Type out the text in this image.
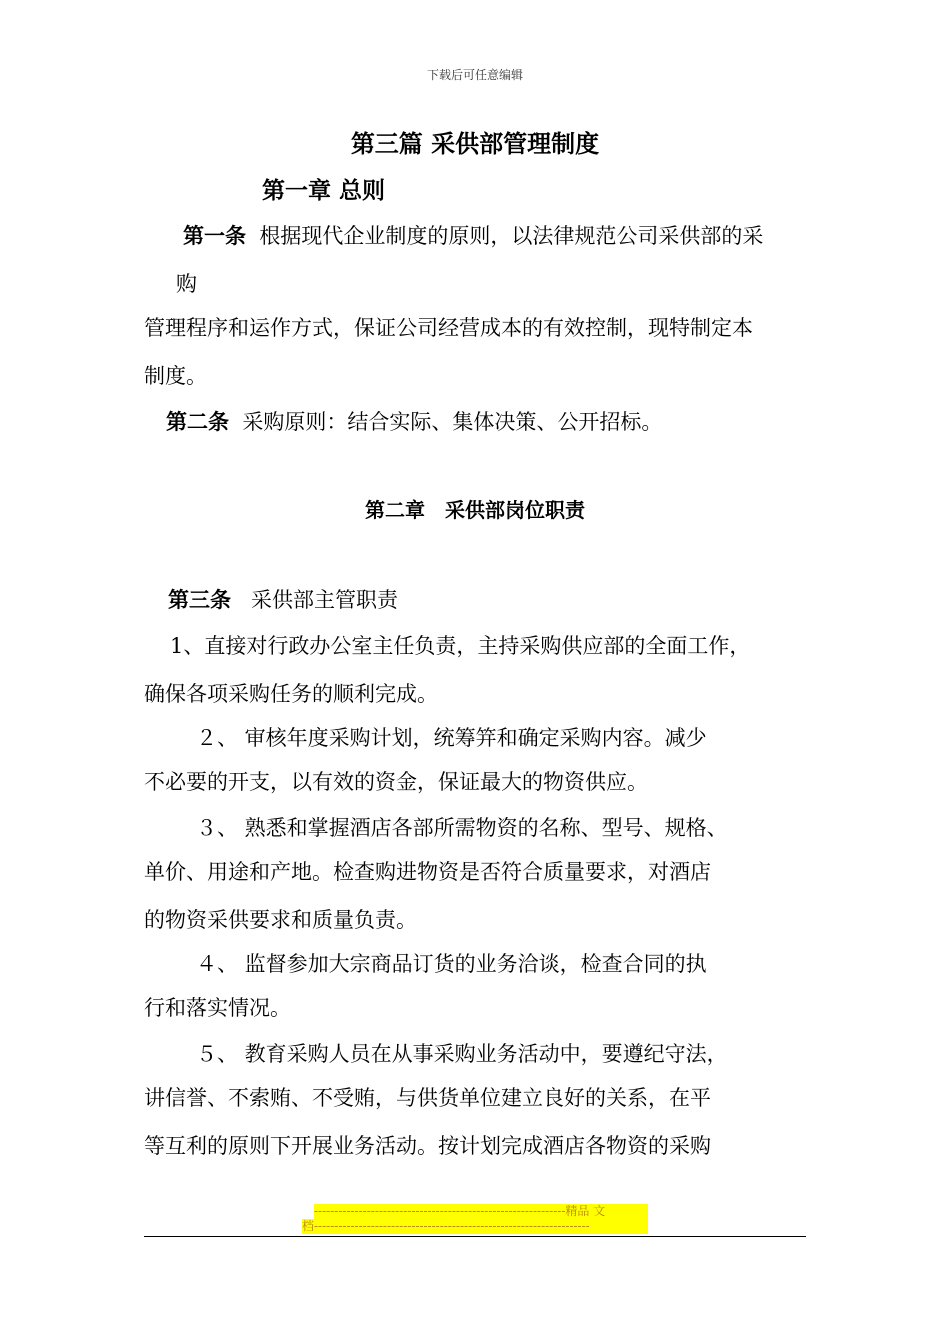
下载后可任意编辑
第三篇 采供部管理制度
第一章 总则
第一条 根据现代企业制度的原则，以法律规范公司采供部的采
购
管理程序和运作方式，保证公司经营成本的有效控制，现特制定本
制度。
第二条 采购原则：结合实际、集体决策、公开招标。
第二章　采供部岗位职责
第三条 采供部主管职责
1、直接对行政办公室主任负责，主持采购供应部的全面工作，
确保各项采购任务的顺利完成。
２、 审核年度采购计划，统筹笄和确定采购内容。减少
不必要的开支，以有效的资金，保证最大的物资供应。
３、 熟悉和掌握酒店各部所需物资的名称、型号、规格、
单价、用途和产地。检查购进物资是否符合质量要求，对酒店
的物资采供要求和质量负责。
４、 监督参加大宗商品订货的业务洽谈，检查合同的执
行和落实情况。
５、 教育采购人员在从事采购业务活动中，要遵纪守法，
讲信誉、不索贿、不受贿，与供货单位建立良好的关系，在平
等互利的原则下开展业务活动。按计划完成酒店各物资的采购
--------------------------------------------------------------精品 文
档--------------------------------------------------------------------
